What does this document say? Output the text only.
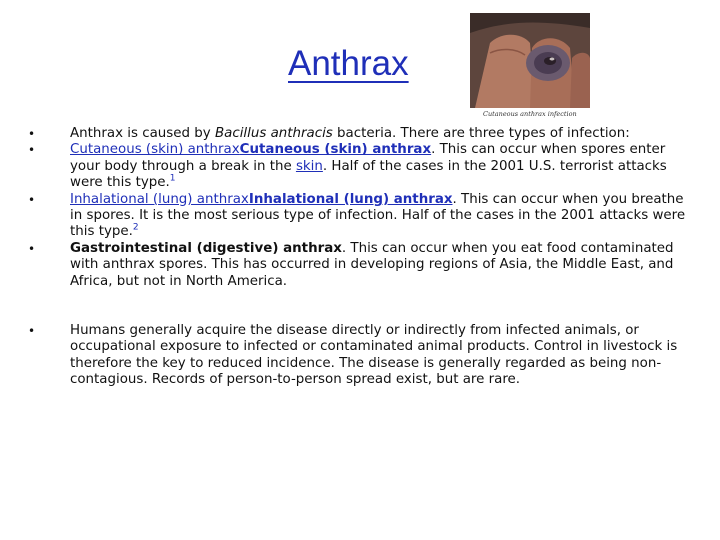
Anthrax
Cutaneous anthrax infection
•	Anthrax is caused by Bacillus anthracis bacteria. There are three types of infection:
•	Cutaneous (skin) anthraxCutaneous (skin) anthrax. This can occur when spores enter your body through a break in the skin. Half of the cases in the 2001 U.S. terrorist attacks were this type.$^1$
•	Inhalational (lung) anthraxInhalational (lung) anthrax. This can occur when you breathe in spores. It is the most serious type of infection. Half of the cases in the 2001 attacks were this type.$^2$
•	Gastrointestinal (digestive) anthrax. This can occur when you eat food contaminated with anthrax spores. This has occurred in developing regions of Asia, the Middle East, and Africa, but not in North America.
•	Humans generally acquire the disease directly or indirectly from infected animals, or occupational exposure to infected or contaminated animal products. Control in livestock is therefore the key to reduced incidence. The disease is generally regarded as being non-contagious. Records of person-to-person spread exist, but are rare.
